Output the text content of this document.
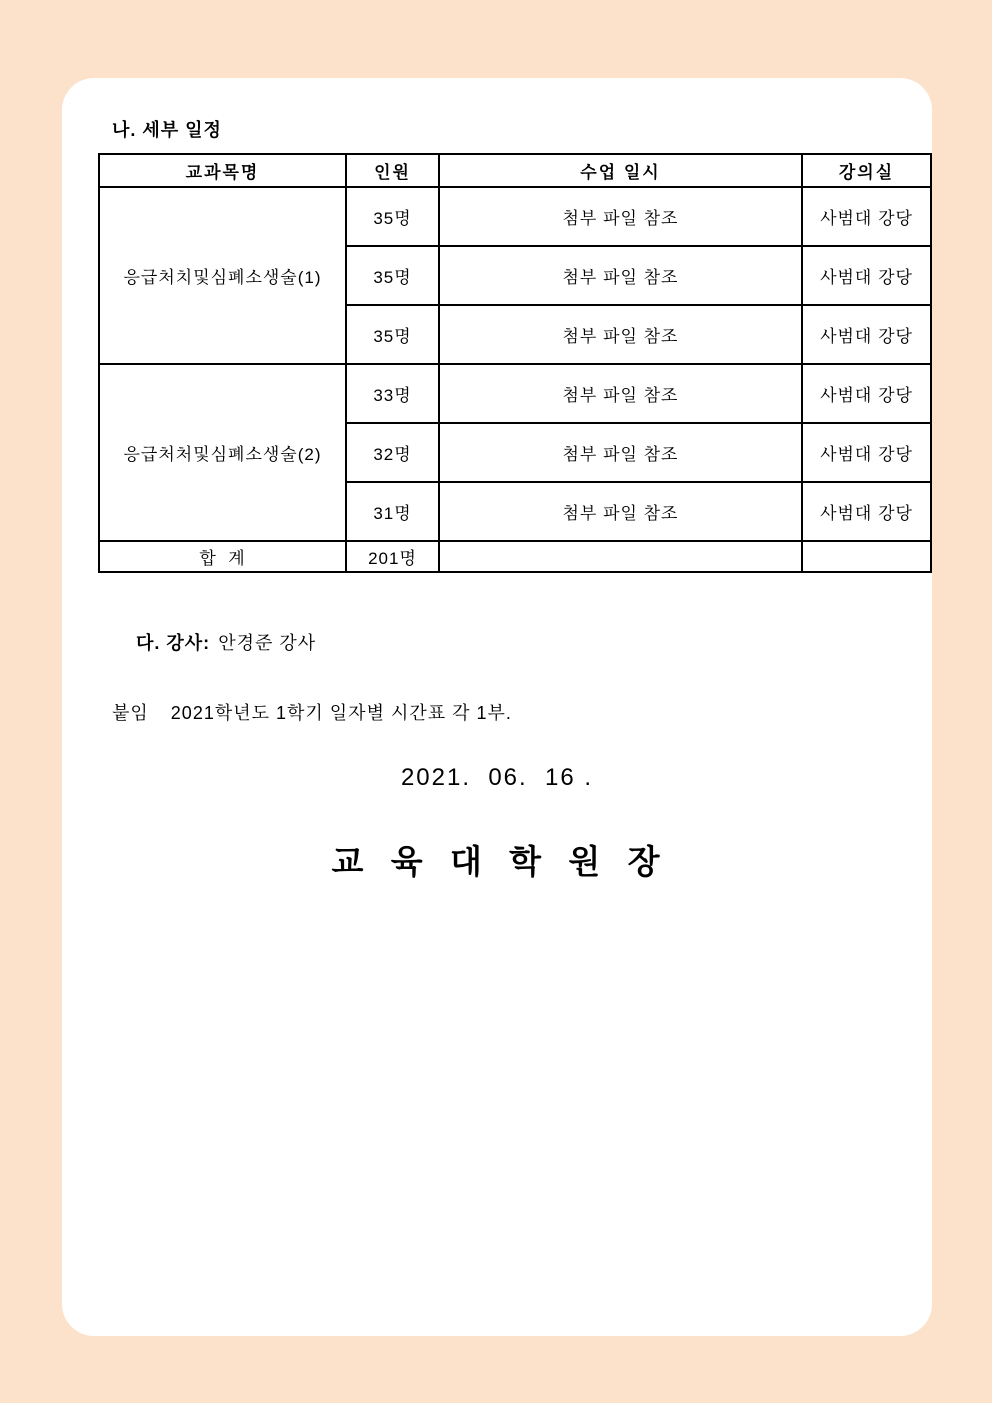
나. 세부 일정
교과목명	인원	수업 일시	강의실
응급처치및심폐소생술(1)	35명	첨부 파일 참조	사범대 강당
	35명	첨부 파일 참조	사범대 강당
	35명	첨부 파일 참조	사범대 강당
응급처처및심폐소생술(2)	33명	첨부 파일 참조	사범대 강당
	32명	첨부 파일 참조	사범대 강당
	31명	첨부 파일 참조	사범대 강당
합  계	201명		

다. 강사: 안경준 강사

붙임 2021학년도 1학기 일자별 시간표 각 1부.

2021.  06.  16 .
교  육  대  학  원  장
